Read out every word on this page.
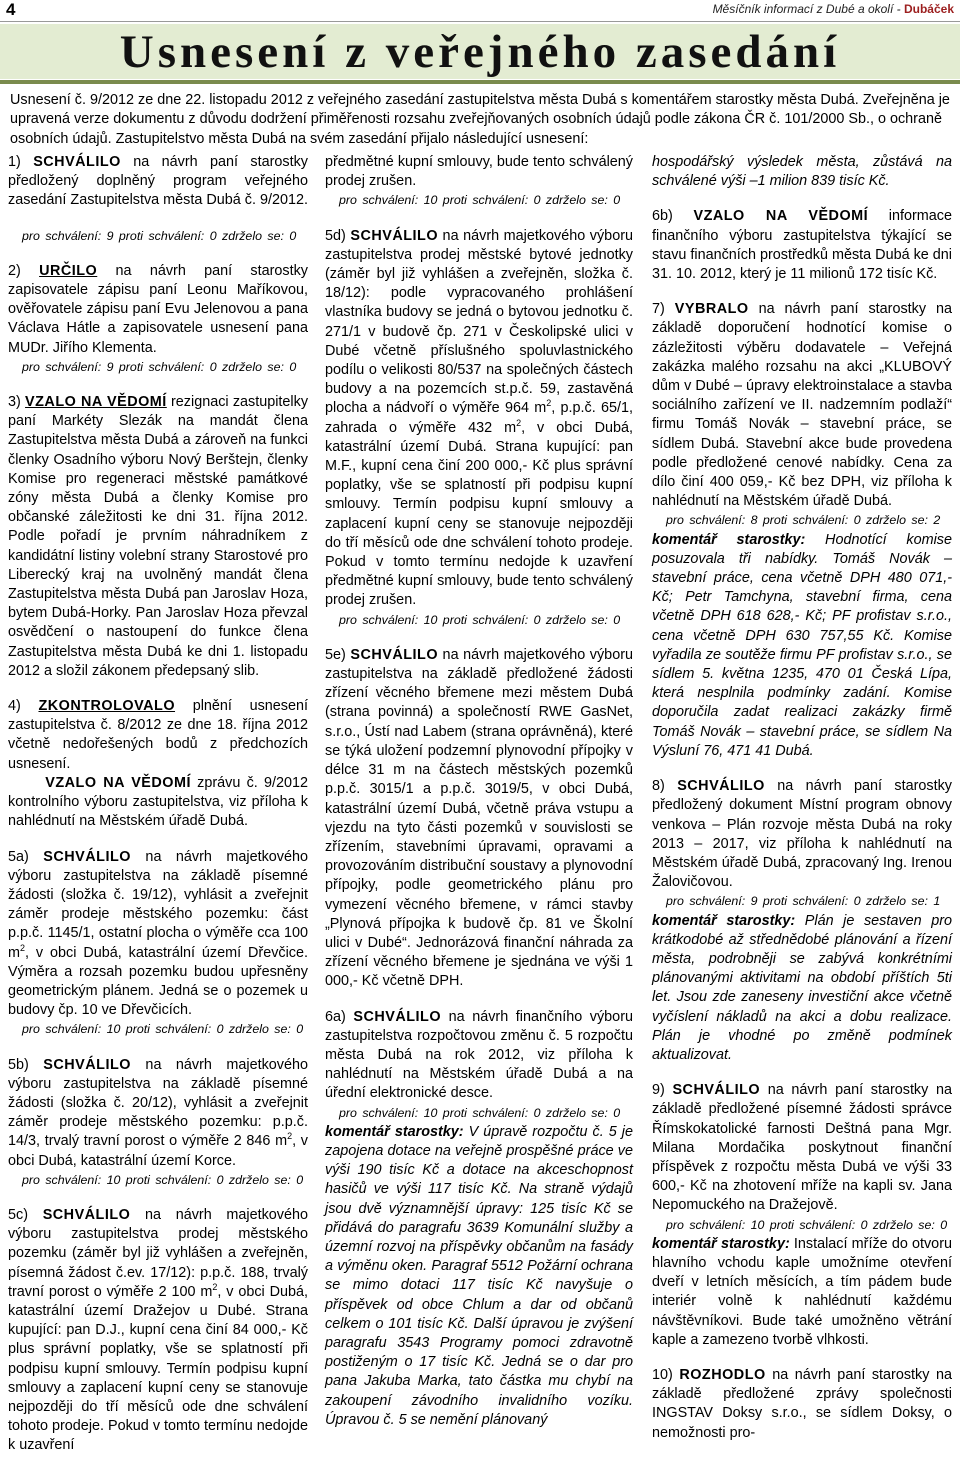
4	Měsíčník informací z Dubé a okolí - Dubáček
Usnesení z veřejného zasedání
Usnesení č. 9/2012 ze dne 22. listopadu 2012 z veřejného zasedání zastupitelstva města Dubá s komentářem starostky města Dubá. Zveřejněna je upravená verze dokumentu z důvodu dodržení přiměřenosti rozsahu zveřejňovaných osobních údajů podle zákona ČR č. 101/2000 Sb., o ochraně osobních údajů. Zastupitelstvo města Dubá na svém zasedání přijalo následující usnesení:

1) SCHVÁLILO na návrh paní starostky předložený doplněný program veřejného zasedání Zastupitelstva města Dubá č. 9/2012.

pro schválení: 9 proti schválení: 0 zdrželo se: 0

2) URČILO na návrh paní starostky zapisovatele zápisu paní Leonu Maříkovou, ověřovatele zápisu paní Evu Jelenovou a pana Václava Hátle a zapisovatele usnesení pana MUDr. Jiřího Klementa.

pro schválení: 9 proti schválení: 0 zdrželo se: 0

3) VZALO NA VĚDOMÍ rezignaci zastupitelky paní Markéty Slezák na mandát člena Zastupitelstva města Dubá a zároveň na funkci členky Osadního výboru Nový Berštejn, členky Komise pro regeneraci městské památkové zóny města Dubá a členky Komise pro občanské záležitosti ke dni 31. října 2012. Podle pořadí je prvním náhradníkem z kandidátní listiny volební strany Starostové pro Liberecký kraj na uvolněný mandát člena Zastupitelstva města Dubá pan Jaroslav Hoza, bytem Dubá-Horky. Pan Jaroslav Hoza převzal osvědčení o nastoupení do funkce člena Zastupitelstva města Dubá ke dni 1. listopadu 2012 a složil zákonem předepsaný slib.

4) ZKONTROLOVALO plnění usnesení zastupitelstva č. 8/2012 ze dne 18. října 2012 včetně nedořešených bodů z předchozích usnesení.
VZALO NA VĚDOMÍ zprávu č. 9/2012 kontrolního výboru zastupitelstva, viz příloha k nahlédnutí na Městském úřadě Dubá.

5a) SCHVÁLILO na návrh majetkového výboru zastupitelstva na základě písemné žádosti (složka č. 19/12), vyhlásit a zveřejnit záměr prodeje městského pozemku: část p.p.č. 1145/1, ostatní plocha o výměře cca 100 $m^2$, v obci Dubá, katastrální území Dřevčice. Výměra a rozsah pozemku budou upřesněny geometrickým plánem. Jedná se o pozemek u budovy čp. 10 ve Dřevčicích.

pro schválení: 10 proti schválení: 0 zdrželo se: 0

5b) SCHVÁLILO na návrh majetkového výboru zastupitelstva na základě písemné žádosti (složka č. 20/12), vyhlásit a zveřejnit záměr prodeje městského pozemku: p.p.č. 14/3, trvalý travní porost o výměře 2 846 $m^2$, v obci Dubá, katastrální území Korce.

pro schválení: 10 proti schválení: 0 zdrželo se: 0

5c) SCHVÁLILO na návrh majetkového výboru zastupitelstva prodej městského pozemku (záměr byl již vyhlášen a zveřejněn, písemná žádost č.ev. 17/12): p.p.č. 188, trvalý travní porost o výměře 2 100 $m^2$, v obci Dubá, katastrální území Dražejov u Dubé. Strana kupující: pan D.J., kupní cena činí 84 000,- Kč plus správní poplatky, vše se splatností při podpisu kupní smlouvy. Termín podpisu kupní smlouvy a zaplacení kupní ceny se stanovuje nejpozději do tří měsíců ode dne schválení tohoto prodeje. Pokud v tomto termínu nedojde k uzavření

předmětné kupní smlouvy, bude tento schválený prodej zrušen.

pro schválení: 10 proti schválení: 0 zdrželo se: 0

5d) SCHVÁLILO na návrh majetkového výboru zastupitelstva prodej městské bytové jednotky (záměr byl již vyhlášen a zveřejněn, složka č. 18/12): podle vypracovaného prohlášení vlastníka budovy se jedná o bytovou jednotku č. 271/1 v budově čp. 271 v Českolipské ulici v Dubé včetně příslušného spoluvlastnického podílu o velikosti 80/537 na společných částech budovy a na pozemcích st.p.č. 59, zastavěná plocha a nádvoří o výměře 964 $m^2$, p.p.č. 65/1, zahrada o výměře 432 $m^2$, v obci Dubá, katastrální území Dubá. Strana kupující: pan M.F., kupní cena činí 200 000,- Kč plus správní poplatky, vše se splatností při podpisu kupní smlouvy. Termín podpisu kupní smlouvy a zaplacení kupní ceny se stanovuje nejpozději do tří měsíců ode dne schválení tohoto prodeje. Pokud v tomto termínu nedojde k uzavření předmětné kupní smlouvy, bude tento schválený prodej zrušen.

pro schválení: 10 proti schválení: 0 zdrželo se: 0

5e) SCHVÁLILO na návrh majetkového výboru zastupitelstva na základě předložené žádosti zřízení věcného břemene mezi městem Dubá (strana povinná) a společností RWE GasNet, s.r.o., Ústí nad Labem (strana oprávněná), které se týká uložení podzemní plynovodní přípojky v délce 31 m na částech městských pozemků p.p.č. 3015/1 a p.p.č. 3019/5, v obci Dubá, katastrální území Dubá, včetně práva vstupu a vjezdu na tyto části pozemků v souvislosti se zřízením, stavebními úpravami, opravami a provozováním distribuční soustavy a plynovodní přípojky, podle geometrického plánu pro vymezení věcného břemene, v rámci stavby „Plynová přípojka k budově čp. 81 ve Školní ulici v Dubé“. Jednorázová finanční náhrada za zřízení věcného břemene je sjednána ve výši 1 000,- Kč včetně DPH.

6a) SCHVÁLILO na návrh finančního výboru zastupitelstva rozpočtovou změnu č. 5 rozpočtu města Dubá na rok 2012, viz příloha k nahlédnutí na Městském úřadě Dubá a na úřední elektronické desce.

pro schválení: 10 proti schválení: 0 zdrželo se: 0

komentář starostky: V úpravě rozpočtu č. 5 je zapojena dotace na veřejně prospěšné práce ve výši 190 tisíc Kč a dotace na akceschopnost hasičů ve výši 117 tisíc Kč. Na straně výdajů jsou dvě významnější úpravy: 125 tisíc Kč se přidává do paragrafu 3639 Komunální služby a územní rozvoj na příspěvky občanům na fasády a výměnu oken. Paragraf 5512 Požární ochrana se mimo dotaci 117 tisíc Kč navyšuje o příspěvek od obce Chlum a dar od občanů celkem o 101 tisíc Kč. Další úpravou je zvýšení paragrafu 3543 Programy pomoci zdravotně postiženým o 17 tisíc Kč. Jedná se o dar pro pana Jakuba Marka, tato částka mu chybí na zakoupení závodního invalidního vozíku. Úpravou č. 5 se nemění plánovaný

hospodářský výsledek města, zůstává na schválené výši –1 milion 839 tisíc Kč.

6b) VZALO NA VĚDOMÍ informace finančního výboru zastupitelstva týkající se stavu finančních prostředků města Dubá ke dni 31. 10. 2012, který je 11 milionů 172 tisíc Kč.

7) VYBRALO na návrh paní starostky na základě doporučení hodnotící komise o zázležitosti výběru dodavatele – Veřejná zakázka malého rozsahu na akci „KLUBOVÝ dům v Dubé – úpravy elektroinstalace a stavba sociálního zařízení ve II. nadzemním podlaží“ firmu Tomáš Novák – stavební práce, se sídlem Dubá. Stavební akce bude provedena podle předložené cenové nabídky. Cena za dílo činí 400 059,- Kč bez DPH, viz příloha k nahlédnutí na Městském úřadě Dubá.

pro schválení: 8 proti schválení: 0 zdrželo se: 2

komentář starostky: Hodnotící komise posuzovala tři nabídky. Tomáš Novák – stavební práce, cena včetně DPH 480 071,- Kč; Petr Tamchyna, stavební firma, cena včetně DPH 618 628,- Kč; PF profistav s.r.o., cena včetně DPH 630 757,55 Kč. Komise vyřadila ze soutěže firmu PF profistav s.r.o., se sídlem 5. května 1235, 470 01 Česká Lípa, která nesplnila podmínky zadání. Komise doporučila zadat realizaci zakázky firmě Tomáš Novák – stavební práce, se sídlem Na Výsluní 76, 471 41 Dubá.

8) SCHVÁLILO na návrh paní starostky předložený dokument Místní program obnovy venkova – Plán rozvoje města Dubá na roky 2013 – 2017, viz příloha k nahlédnutí na Městském úřadě Dubá, zpracovaný Ing. Irenou Žalovičovou.

pro schválení: 9 proti schválení: 0 zdrželo se: 1

komentář starostky: Plán je sestaven pro krátkodobé až střednědobé plánování a řízení města, podrobněji se zabývá konkrétními plánovanými aktivitami na období příštích 5ti let. Jsou zde zaneseny investiční akce včetně vyčíslení nákladů na akci a dobu realizace. Plán je vhodné po změně podmínek aktualizovat.

9) SCHVÁLILO na návrh paní starostky na základě předložené písemné žádosti správce Římskokatolické farnosti Deštná pana Mgr. Milana Mordačika poskytnout finanční příspěvek z rozpočtu města Dubá ve výši 33 600,- Kč na zhotovení mříže na kapli sv. Jana Nepomuckého na Dražejově.

pro schválení: 10 proti schválení: 0 zdrželo se: 0

komentář starostky: Instalací mříže do otvoru hlavního vchodu kaple umožníme otevření dveří v letních měsících, a tím pádem bude interiér volně k nahlédnutí každému návštěvníkovi. Bude také umožněno větrání kaple a zamezeno tvorbě vlhkosti.

10) ROZHODLO na návrh paní starostky na základě předložené zprávy společnosti INGSTAV Doksy s.r.o., se sídlem Doksy, o nemožnosti pro-
